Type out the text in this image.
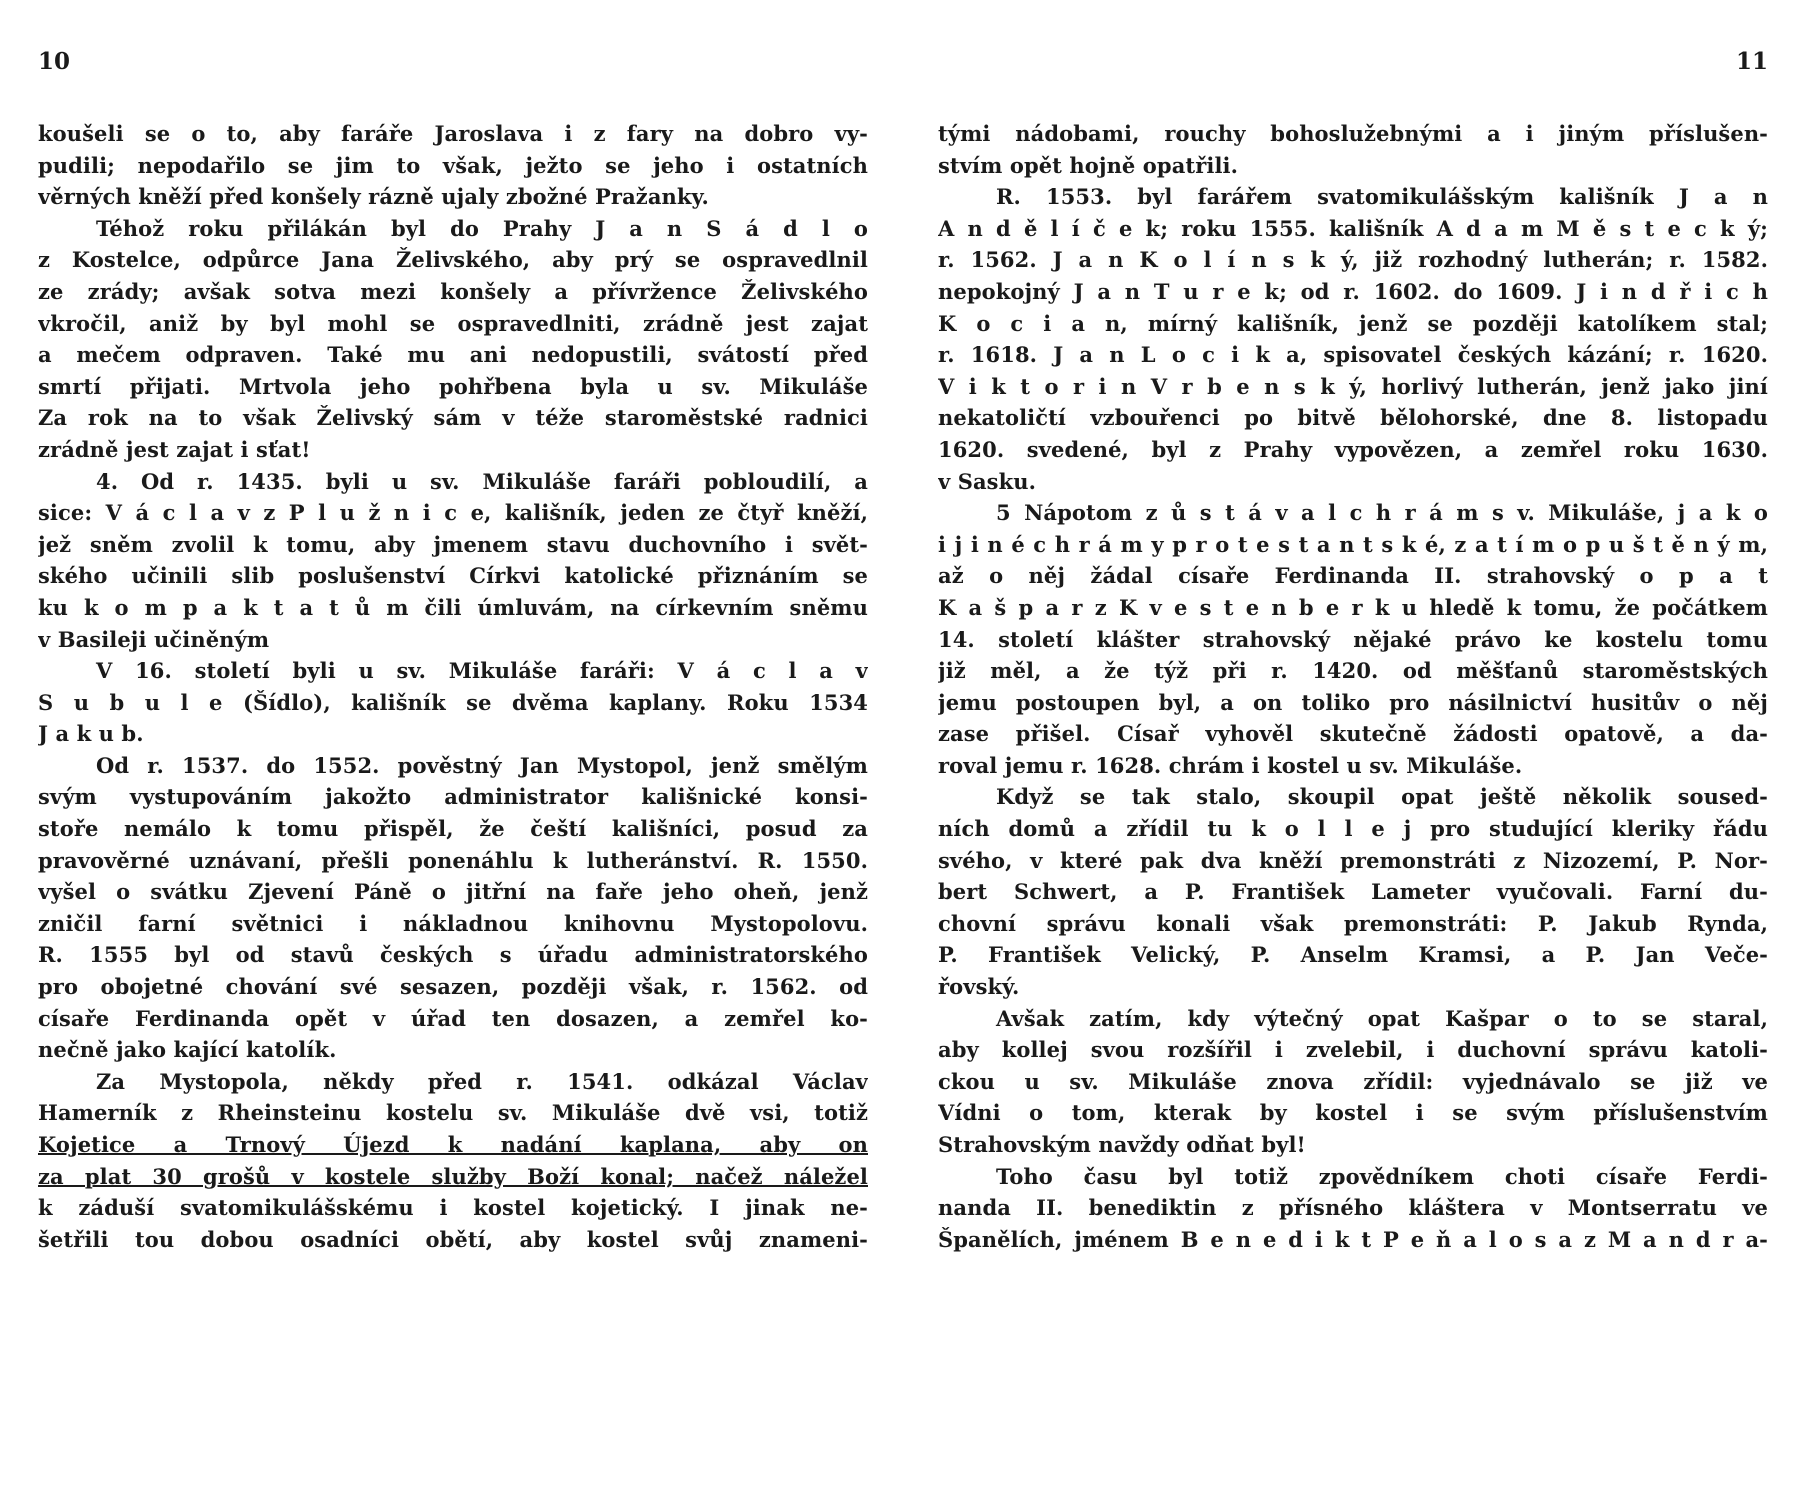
10
koušeli se o to, aby faráře Jaroslava i z fary na dobro vy-
pudili; nepodařilo se jim to však, ježto se jeho i ostatních
věrných kněží před konšely rázně ujaly zbožné Pražanky.
Téhož roku přilákán byl do Prahy J a n S á d l o
z Kostelce, odpůrce Jana Želivského, aby prý se ospravedlnil
ze zrády; avšak sotva mezi konšely a přívržence Želivského
vkročil, aniž by byl mohl se ospravedlniti, zrádně jest zajat
a mečem odpraven. Také mu ani nedopustili, svátostí před
smrtí přijati. Mrtvola jeho pohřbena byla u sv. Mikuláše
Za rok na to však Želivský sám v téže staroměstské radnici
zrádně jest zajat i sťat!
4. Od r. 1435. byli u sv. Mikuláše faráři pobloudilí, a
sice: V á c l a v z P l u ž n i c e, kališník, jeden ze čtyř kněží,
jež sněm zvolil k tomu, aby jmenem stavu duchovního i svět-
ského učinili slib poslušenství Církvi katolické přiznáním se
ku k o m p a k t a t ů m čili úmluvám, na církevním sněmu
v Basileji učiněným
V 16. století byli u sv. Mikuláše faráři: V á c l a v
S u b u l e (Šídlo), kališník se dvěma kaplany. Roku 1534
J a k u b.
Od r. 1537. do 1552. pověstný Jan Mystopol, jenž smělým
svým vystupováním jakožto administrator kališnické konsi-
stoře nemálo k tomu přispěl, že čeští kališníci, posud za
pravověrné uznávaní, přešli ponenáhlu k lutheránství. R. 1550.
vyšel o svátku Zjevení Páně o jitřní na faře jeho oheň, jenž
zničil farní světnici i nákladnou knihovnu Mystopolovu.
R. 1555 byl od stavů českých s úřadu administratorského
pro obojetné chování své sesazen, později však, r. 1562. od
císaře Ferdinanda opět v úřad ten dosazen, a zemřel ko-
nečně jako kající katolík.
Za Mystopola, někdy před r. 1541. odkázal Václav
Hamerník z Rheinsteinu kostelu sv. Mikuláše dvě vsi, totiž
Kojetice a Trnový Újezd k nadání kaplana, aby on
za plat 30 grošů v kostele služby Boží konal; načež náležel
k záduší svatomikulášskému i kostel kojetický. I jinak ne-
šetřili tou dobou osadníci obětí, aby kostel svůj znameni-
11
tými nádobami, rouchy bohoslužebnými a i jiným příslušen-
stvím opět hojně opatřili.
R. 1553. byl farářem svatomikulášským kališník J a n
A n d ě l í č e k; roku 1555. kališník A d a m M ě s t e c k ý;
r. 1562. J a n K o l í n s k ý, již rozhodný lutherán; r. 1582.
nepokojný J a n T u r e k; od r. 1602. do 1609. J i n d ř i c h
K o c i a n, mírný kališník, jenž se později katolíkem stal;
r. 1618. J a n L o c i k a, spisovatel českých kázání; r. 1620.
V i k t o r i n V r b e n s k ý, horlivý lutherán, jenž jako jiní
nekatoličtí vzbouřenci po bitvě bělohorské, dne 8. listopadu
1620. svedené, byl z Prahy vypovězen, a zemřel roku 1630.
v Sasku.
5 Nápotom z ů s t á v a l c h r á m s v. Mikuláše, j a k o
i j i n é c h r á m y p r o t e s t a n t s k é, z a t í m o p u š t ě n ý m,
až o něj žádal císaře Ferdinanda II. strahovský o p a t
K a š p a r z K v e s t e n b e r k u hledě k tomu, že počátkem
14. století klášter strahovský nějaké právo ke kostelu tomu
již měl, a že týž při r. 1420. od měšťanů staroměstských
jemu postoupen byl, a on toliko pro násilnictví husitův o něj
zase přišel. Císař vyhověl skutečně žádosti opatově, a da-
roval jemu r. 1628. chrám i kostel u sv. Mikuláše.
Když se tak stalo, skoupil opat ještě několik soused-
ních domů a zřídil tu k o l l e j pro studující kleriky řádu
svého, v které pak dva kněží premonstráti z Nizozemí, P. Nor-
bert Schwert, a P. František Lameter vyučovali. Farní du-
chovní správu konali však premonstráti: P. Jakub Rynda,
P. František Velický, P. Anselm Kramsi, a P. Jan Veče-
řovský.
Avšak zatím, kdy výtečný opat Kašpar o to se staral,
aby kollej svou rozšířil i zvelebil, i duchovní správu katoli-
ckou u sv. Mikuláše znova zřídil: vyjednávalo se již ve
Vídni o tom, kterak by kostel i se svým příslušenstvím
Strahovským navždy odňat byl!
Toho času byl totiž zpovědníkem choti císaře Ferdi-
nanda II. benediktin z přísného kláštera v Montserratu ve
Španělích, jménem B e n e d i k t P e ň a l o s a z M a n d r a-
